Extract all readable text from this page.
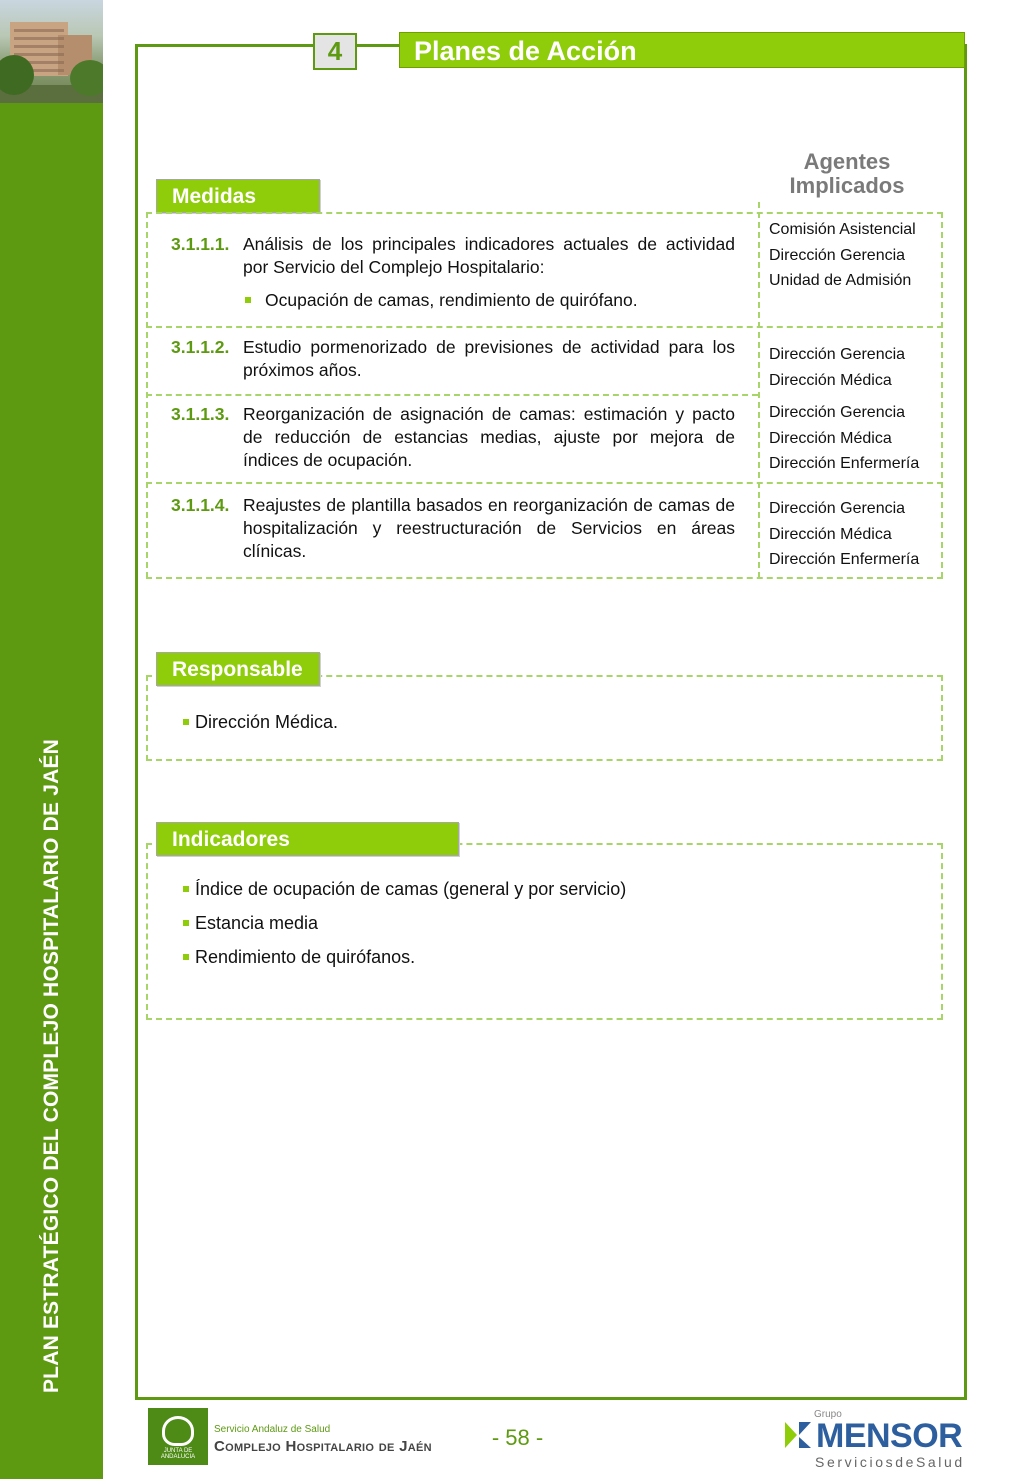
PLAN ESTRATÉGICO DEL COMPLEJO HOSPITALARIO DE JAÉN
4	Planes de Acción
Medidas
Agentes
Implicados
3.1.1.1. Análisis de los principales indicadores actuales de actividad por Servicio del Complejo Hospitalario:
Ocupación de camas, rendimiento de quirófano.
3.1.1.2. Estudio pormenorizado de previsiones de actividad para los próximos años.
3.1.1.3. Reorganización de asignación de camas: estimación y pacto de reducción de estancias medias, ajuste por mejora de índices de ocupación.
3.1.1.4. Reajustes de plantilla basados en reorganización de camas de hospitalización y reestructuración de Servicios en áreas clínicas.
Comisión Asistencial
Dirección Gerencia
Unidad de Admisión
Dirección Gerencia
Dirección Médica
Dirección Gerencia
Dirección Médica
Dirección Enfermería
Dirección Gerencia
Dirección Médica
Dirección Enfermería
Responsable
Dirección Médica.
Indicadores
Índice de ocupación de camas (general y por servicio)
Estancia media
Rendimiento de quirófanos.
JUNTA DE ANDALUCIA
Servicio Andaluz de Salud
Complejo Hospitalario de Jaén	- 58 -
Grupo
MENSOR
ServiciosdeSalud
